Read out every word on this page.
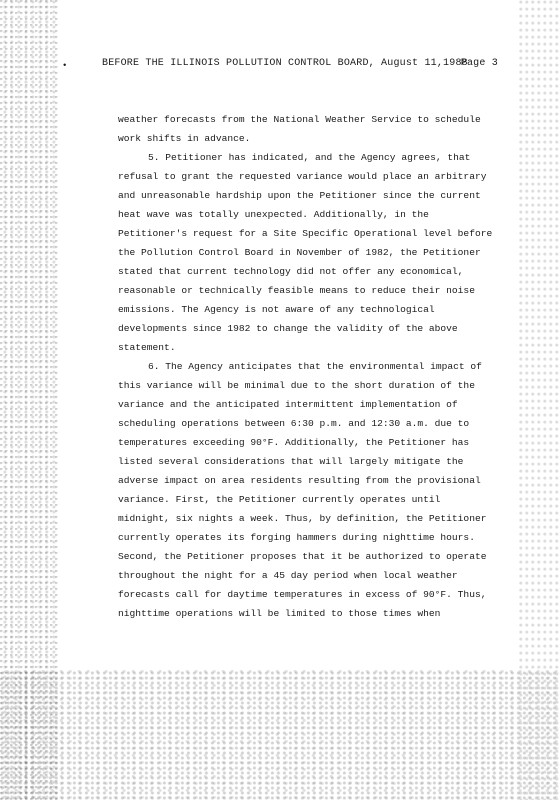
•	BEFORE THE ILLINOIS POLLUTION CONTROL BOARD, August 11,1988
Page 3

weather forecasts from the National Weather Service to schedule
work shifts in advance.

5. Petitioner has indicated, and the Agency agrees, that
refusal to grant the requested variance would place an arbitrary
and unreasonable hardship upon the Petitioner since the current
heat wave was totally unexpected. Additionally, in the
Petitioner's request for a Site Specific Operational level before
the Pollution Control Board in November of 1982, the Petitioner
stated that current technology did not offer any economical,
reasonable or technically feasible means to reduce their noise
emissions. The Agency is not aware of any technological
developments since 1982 to change the validity of the above
statement.

6. The Agency anticipates that the environmental impact of
this variance will be minimal due to the short duration of the
variance and the anticipated intermittent implementation of
scheduling operations between 6:30 p.m. and 12:30 a.m. due to
temperatures exceeding 90°F. Additionally, the Petitioner has
listed several considerations that will largely mitigate the
adverse impact on area residents resulting from the provisional
variance. First, the Petitioner currently operates until
midnight, six nights a week. Thus, by definition, the Petitioner
currently operates its forging hammers during nighttime hours.
Second, the Petitioner proposes that it be authorized to operate
throughout the night for a 45 day period when local weather
forecasts call for daytime temperatures in excess of 90°F. Thus,
nighttime operations will be limited to those times when
